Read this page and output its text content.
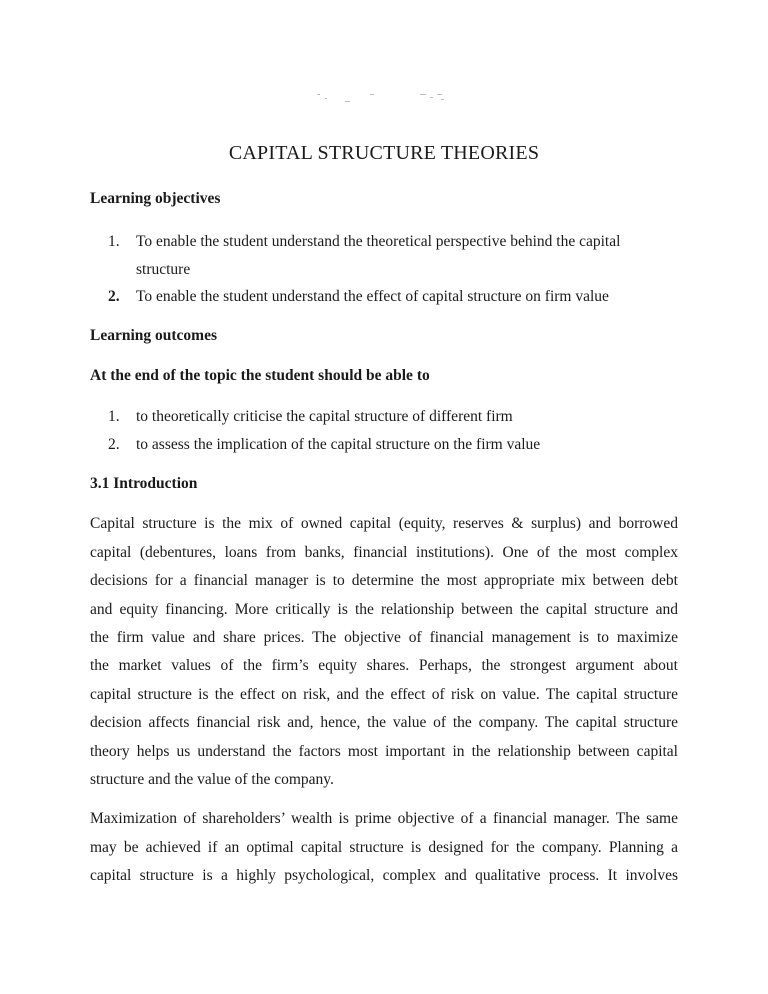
CAPITAL STRUCTURE THEORIES
Learning objectives
1. To enable the student understand the theoretical perspective behind the capital
structure
2. To enable the student understand the effect of capital structure on firm value
Learning outcomes
At the end of the topic the student should be able to
1. to theoretically criticise the capital structure of different firm
2. to assess the implication of the capital structure on the firm value
3.1 Introduction
Capital structure is the mix of owned capital (equity, reserves & surplus) and borrowed
capital (debentures, loans from banks, financial institutions). One of the most complex
decisions for a financial manager is to determine the most appropriate mix between debt
and equity financing. More critically is the relationship between the capital structure and
the firm value and share prices. The objective of financial management is to maximize
the market values of the firm’s equity shares. Perhaps, the strongest argument about
capital structure is the effect on risk, and the effect of risk on value. The capital structure
decision affects financial risk and, hence, the value of the company. The capital structure
theory helps us understand the factors most important in the relationship between capital
structure and the value of the company.
Maximization of shareholders’ wealth is prime objective of a financial manager. The same
may be achieved if an optimal capital structure is designed for the company. Planning a
capital structure is a highly psychological, complex and qualitative process. It involves
